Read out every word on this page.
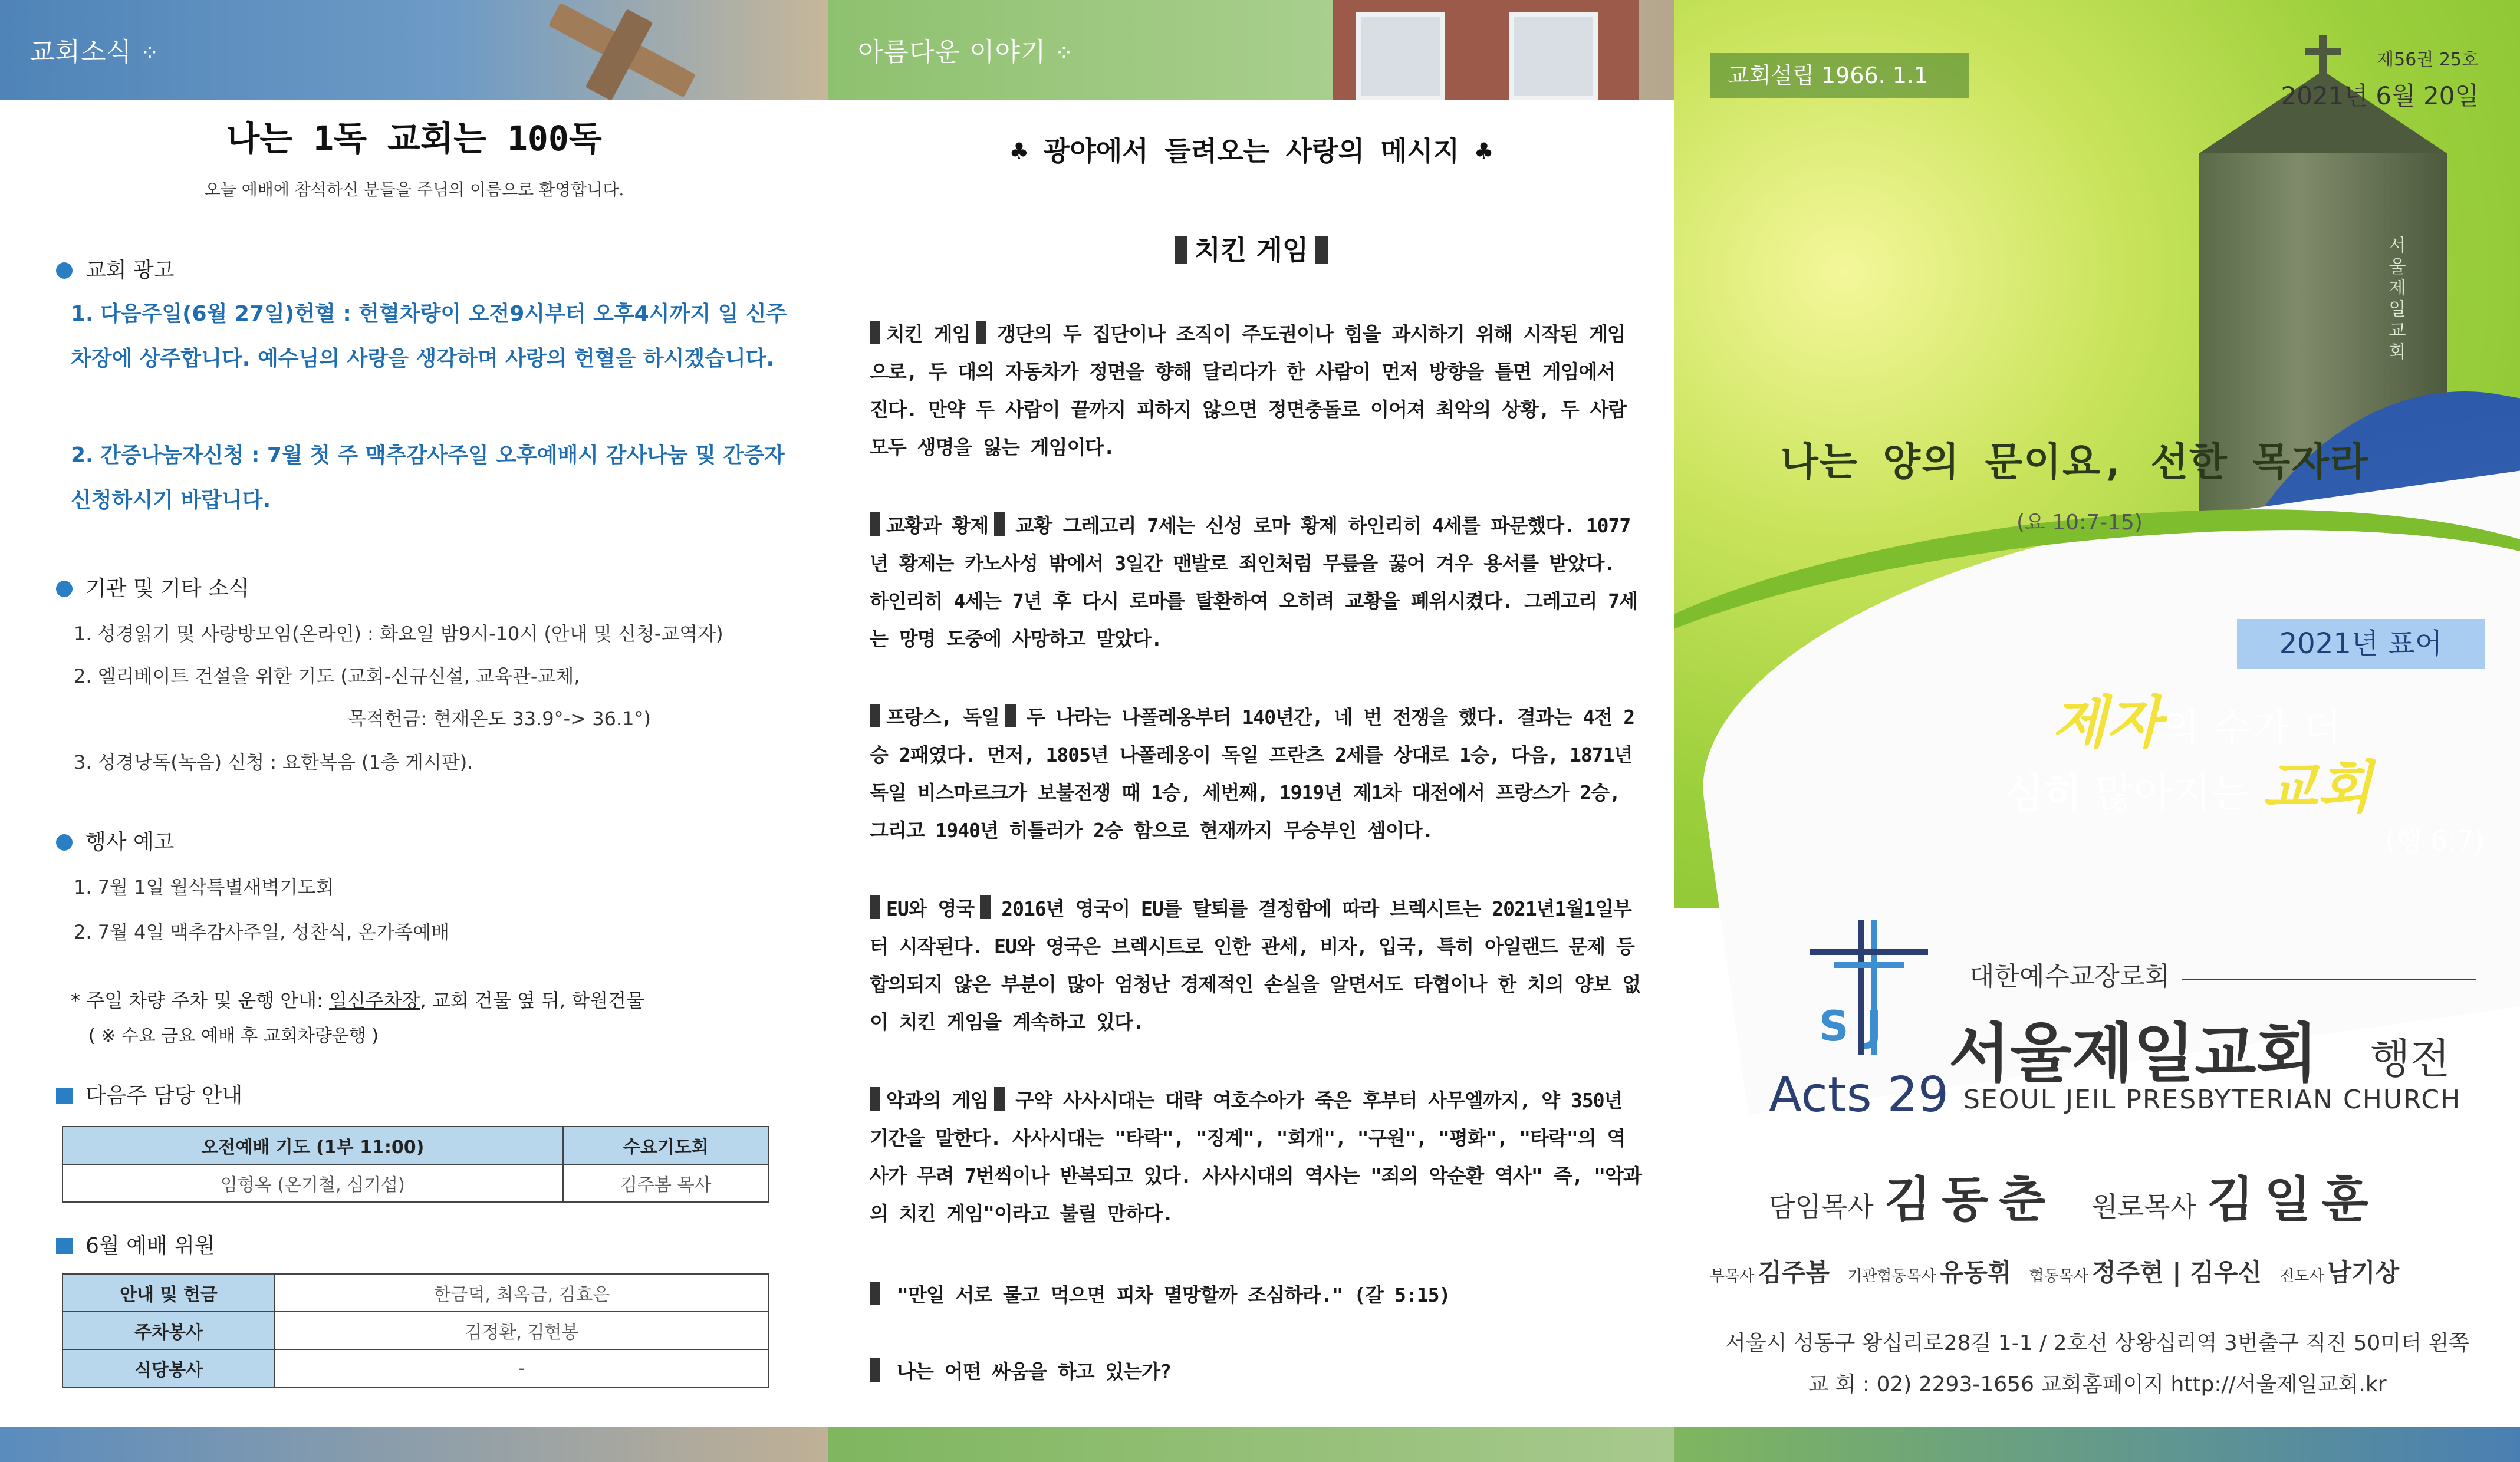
교회소식 ⁘
나는 1독 교회는 100독
오늘 예배에 참석하신 분들을 주님의 이름으로 환영합니다.
교회 광고
1. 다음주일(6월 27일)헌혈 : 헌혈차량이 오전9시부터 오후4시까지 일 신주차장에 상주합니다. 예수님의 사랑을 생각하며 사랑의 헌혈을 하시겠습니다.
2. 간증나눔자신청 : 7월 첫 주 맥추감사주일 오후예배시 감사나눔 및 간증자 신청하시기 바랍니다.
기관 및 기타 소식
1. 성경읽기 및 사랑방모임(온라인) : 화요일 밤9시-10시 (안내 및 신청-교역자)
2. 엘리베이트 건설을 위한 기도 (교회-신규신설, 교육관-교체,
목적헌금: 현재온도 33.9°-> 36.1°)
3. 성경낭독(녹음) 신청 : 요한복음 (1층 게시판).
행사 예고
1. 7월 1일 월삭특별새벽기도회
2. 7월 4일 맥추감사주일, 성찬식, 온가족예배
* 주일 차량 주차 및 운행 안내: 일신주차장, 교회 건물 옆 뒤, 학원건물
( ※ 수요 금요 예배 후 교회차량운행 )
다음주 담당 안내
오전예배 기도 (1부 11:00)	수요기도회
임형옥 (온기철, 심기섭)	김주봄 목사
6월 예배 위원
안내 및 헌금	한금덕, 최옥금, 김효은
주차봉사	김정환, 김현봉
식당봉사	-
아름다운 이야기 ⁘
♣ 광야에서 들려오는 사랑의 메시지 ♣
치킨 게임
치킨 게임 갱단의 두 집단이나 조직이 주도권이나 힘을 과시하기 위해 시작된 게임으로, 두 대의 자동차가 정면을 향해 달리다가 한 사람이 먼저 방향을 틀면 게임에서 진다. 만약 두 사람이 끝까지 피하지 않으면 정면충돌로 이어져 최악의 상황, 두 사람 모두 생명을 잃는 게임이다.
교황과 황제 교황 그레고리 7세는 신성 로마 황제 하인리히 4세를 파문했다. 1077년 황제는 카노사성 밖에서 3일간 맨발로 죄인처럼 무릎을 꿇어 겨우 용서를 받았다. 하인리히 4세는 7년 후 다시 로마를 탈환하여 오히려 교황을 폐위시켰다. 그레고리 7세는 망명 도중에 사망하고 말았다.
프랑스, 독일 두 나라는 나폴레옹부터 140년간, 네 번 전쟁을 했다. 결과는 4전 2승 2패였다. 먼저, 1805년 나폴레옹이 독일 프란츠 2세를 상대로 1승, 다음, 1871년 독일 비스마르크가 보불전쟁 때 1승, 세번째, 1919년 제1차 대전에서 프랑스가 2승, 그리고 1940년 히틀러가 2승 함으로 현재까지 무승부인 셈이다.
EU와 영국 2016년 영국이 EU를 탈퇴를 결정함에 따라 브렉시트는 2021년1월1일부터 시작된다. EU와 영국은 브렉시트로 인한 관세, 비자, 입국, 특히 아일랜드 문제 등 합의되지 않은 부분이 많아 엄청난 경제적인 손실을 알면서도 타협이나 한 치의 양보 없이 치킨 게임을 계속하고 있다.
악과의 게임 구약 사사시대는 대략 여호수아가 죽은 후부터 사무엘까지, 약 350년 기간을 말한다. 사사시대는 "타락", "징계", "회개", "구원", "평화", "타락"의 역사가 무려 7번씩이나 반복되고 있다. 사사시대의 역사는 "죄의 악순환 역사" 즉, "악과의 치킨 게임"이라고 불릴 만하다.
"만일 서로 물고 먹으면 피차 멸망할까 조심하라." (갈 5:15)
나는 어떤 싸움을 하고 있는가?
서울제일교회
교회설립 1966. 1.1
제56권 25호
2021년 6월 20일
나는 양의 문이요, 선한 목자라
(요 10:7-15)
2021년 표어
제자의 수가 더
심히 많아지는 교회
(행 6:7)
SJ
Acts 29
대한예수교장로회
서울제일교회 행전
SEOUL JEIL PRESBYTERIAN CHURCH
담임목사 김동춘 원로목사 김일훈
부목사 김주봄 기관협동목사 유동휘 협동목사 정주현 | 김우신 전도사 남기상
서울시 성동구 왕십리로28길 1-1 / 2호선 상왕십리역 3번출구 직진 50미터 왼쪽
교 회 : 02) 2293-1656 교회홈페이지 http://서울제일교회.kr
